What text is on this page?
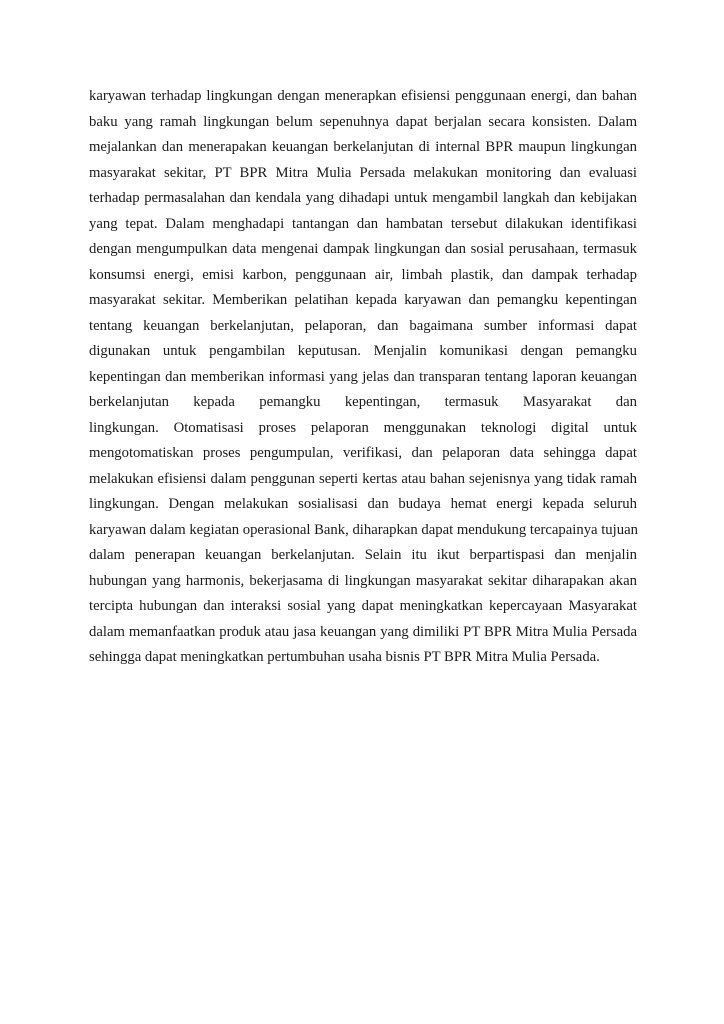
karyawan terhadap lingkungan dengan menerapkan efisiensi penggunaan energi, dan bahan
baku yang ramah lingkungan belum sepenuhnya dapat berjalan secara konsisten. Dalam
mejalankan dan menerapakan keuangan berkelanjutan di internal BPR maupun lingkungan
masyarakat sekitar, PT BPR Mitra Mulia Persada melakukan monitoring dan evaluasi
terhadap permasalahan dan kendala yang dihadapi untuk mengambil langkah dan kebijakan
yang tepat. Dalam menghadapi tantangan dan hambatan tersebut dilakukan identifikasi
dengan mengumpulkan data mengenai dampak lingkungan dan sosial perusahaan, termasuk
konsumsi energi, emisi karbon, penggunaan air, limbah plastik, dan dampak terhadap
masyarakat sekitar. Memberikan pelatihan kepada karyawan dan pemangku kepentingan
tentang keuangan berkelanjutan, pelaporan, dan bagaimana sumber informasi dapat
digunakan untuk pengambilan keputusan. Menjalin komunikasi dengan pemangku
kepentingan dan memberikan informasi yang jelas dan transparan tentang laporan keuangan
berkelanjutan kepada pemangku kepentingan, termasuk Masyarakat dan
lingkungan. Otomatisasi proses pelaporan menggunakan teknologi digital untuk
mengotomatiskan proses pengumpulan, verifikasi, dan pelaporan data sehingga dapat
melakukan efisiensi dalam penggunan seperti kertas atau bahan sejenisnya yang tidak ramah
lingkungan. Dengan melakukan sosialisasi dan budaya hemat energi kepada seluruh
karyawan dalam kegiatan operasional Bank, diharapkan dapat mendukung tercapainya tujuan
dalam penerapan keuangan berkelanjutan. Selain itu ikut berpartispasi dan menjalin
hubungan yang harmonis, bekerjasama di lingkungan masyarakat sekitar diharapakan akan
tercipta hubungan dan interaksi sosial yang dapat meningkatkan kepercayaan Masyarakat
dalam memanfaatkan produk atau jasa keuangan yang dimiliki PT BPR Mitra Mulia Persada
sehingga dapat meningkatkan pertumbuhan usaha bisnis PT BPR Mitra Mulia Persada.
